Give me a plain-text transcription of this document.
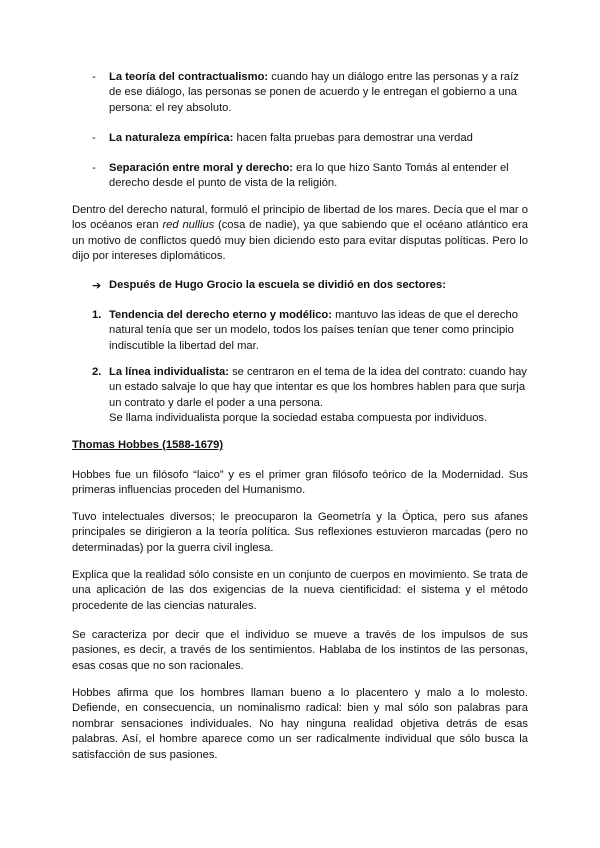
- La teoría del contractualismo: cuando hay un diálogo entre las personas y a raíz de ese diálogo, las personas se ponen de acuerdo y le entregan el gobierno a una persona: el rey absoluto.
- La naturaleza empírica: hacen falta pruebas para demostrar una verdad
- Separación entre moral y derecho: era lo que hizo Santo Tomás al entender el derecho desde el punto de vista de la religión.
Dentro del derecho natural, formuló el principio de libertad de los mares. Decía que el mar o los océanos eran red nullius (cosa de nadie), ya que sabiendo que el océano atlántico era un motivo de conflictos quedó muy bien diciendo esto para evitar disputas políticas. Pero lo dijo por intereses diplomáticos.
➔ Después de Hugo Grocio la escuela se dividió en dos sectores:
1. Tendencia del derecho eterno y modélico: mantuvo las ideas de que el derecho natural tenía que ser un modelo, todos los países tenían que tener como principio indiscutible la libertad del mar.
2. La línea individualista: se centraron en el tema de la idea del contrato: cuando hay un estado salvaje lo que hay que intentar es que los hombres hablen para que surja un contrato y darle el poder a una persona.
Se llama individualista porque la sociedad estaba compuesta por individuos.
Thomas Hobbes (1588-1679)
Hobbes fue un filósofo “laico” y es el primer gran filósofo teórico de la Modernidad. Sus primeras influencias proceden del Humanismo.
Tuvo intelectuales diversos; le preocuparon la Geometría y la Óptica, pero sus afanes principales se dirigieron a la teoría política. Sus reflexiones estuvieron marcadas (pero no determinadas) por la guerra civil inglesa.
Explica que la realidad sólo consiste en un conjunto de cuerpos en movimiento. Se trata de una aplicación de las dos exigencias de la nueva cientificidad: el sistema y el método procedente de las ciencias naturales.
Se caracteriza por decir que el individuo se mueve a través de los impulsos de sus pasiones, es decir, a través de los sentimientos. Hablaba de los instintos de las personas, esas cosas que no son racionales.
Hobbes afirma que los hombres llaman bueno a lo placentero y malo a lo molesto. Defiende, en consecuencia, un nominalismo radical: bien y mal sólo son palabras para nombrar sensaciones individuales. No hay ninguna realidad objetiva detrás de esas palabras. Así, el hombre aparece como un ser radicalmente individual que sólo busca la satisfacción de sus pasiones.
